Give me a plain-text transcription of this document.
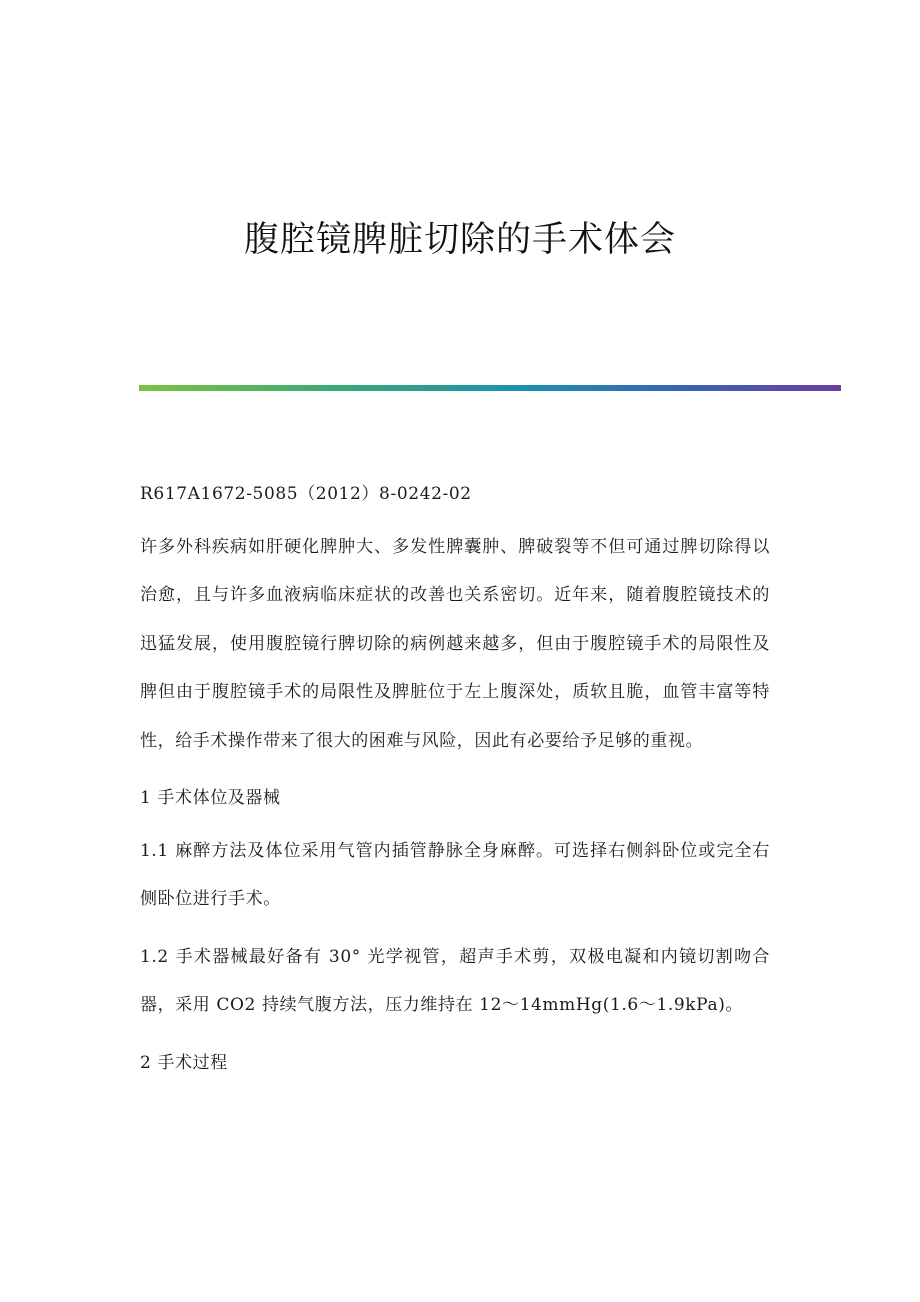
腹腔镜脾脏切除的手术体会

R617A1672-5085（2012）8-0242-02

许多外科疾病如肝硬化脾肿大、多发性脾囊肿、脾破裂等不但可通过脾切除得以治愈，且与许多血液病临床症状的改善也关系密切。近年来，随着腹腔镜技术的迅猛发展，使用腹腔镜行脾切除的病例越来越多，但由于腹腔镜手术的局限性及脾但由于腹腔镜手术的局限性及脾脏位于左上腹深处，质软且脆，血管丰富等特性，给手术操作带来了很大的困难与风险，因此有必要给予足够的重视。

1 手术体位及器械

1.1 麻醉方法及体位采用气管内插管静脉全身麻醉。可选择右侧斜卧位或完全右侧卧位进行手术。

1.2 手术器械最好备有 30° 光学视管，超声手术剪，双极电凝和内镜切割吻合器，采用 CO2 持续气腹方法，压力维持在 12～14mmHg(1.6～1.9kPa)。

2 手术过程
